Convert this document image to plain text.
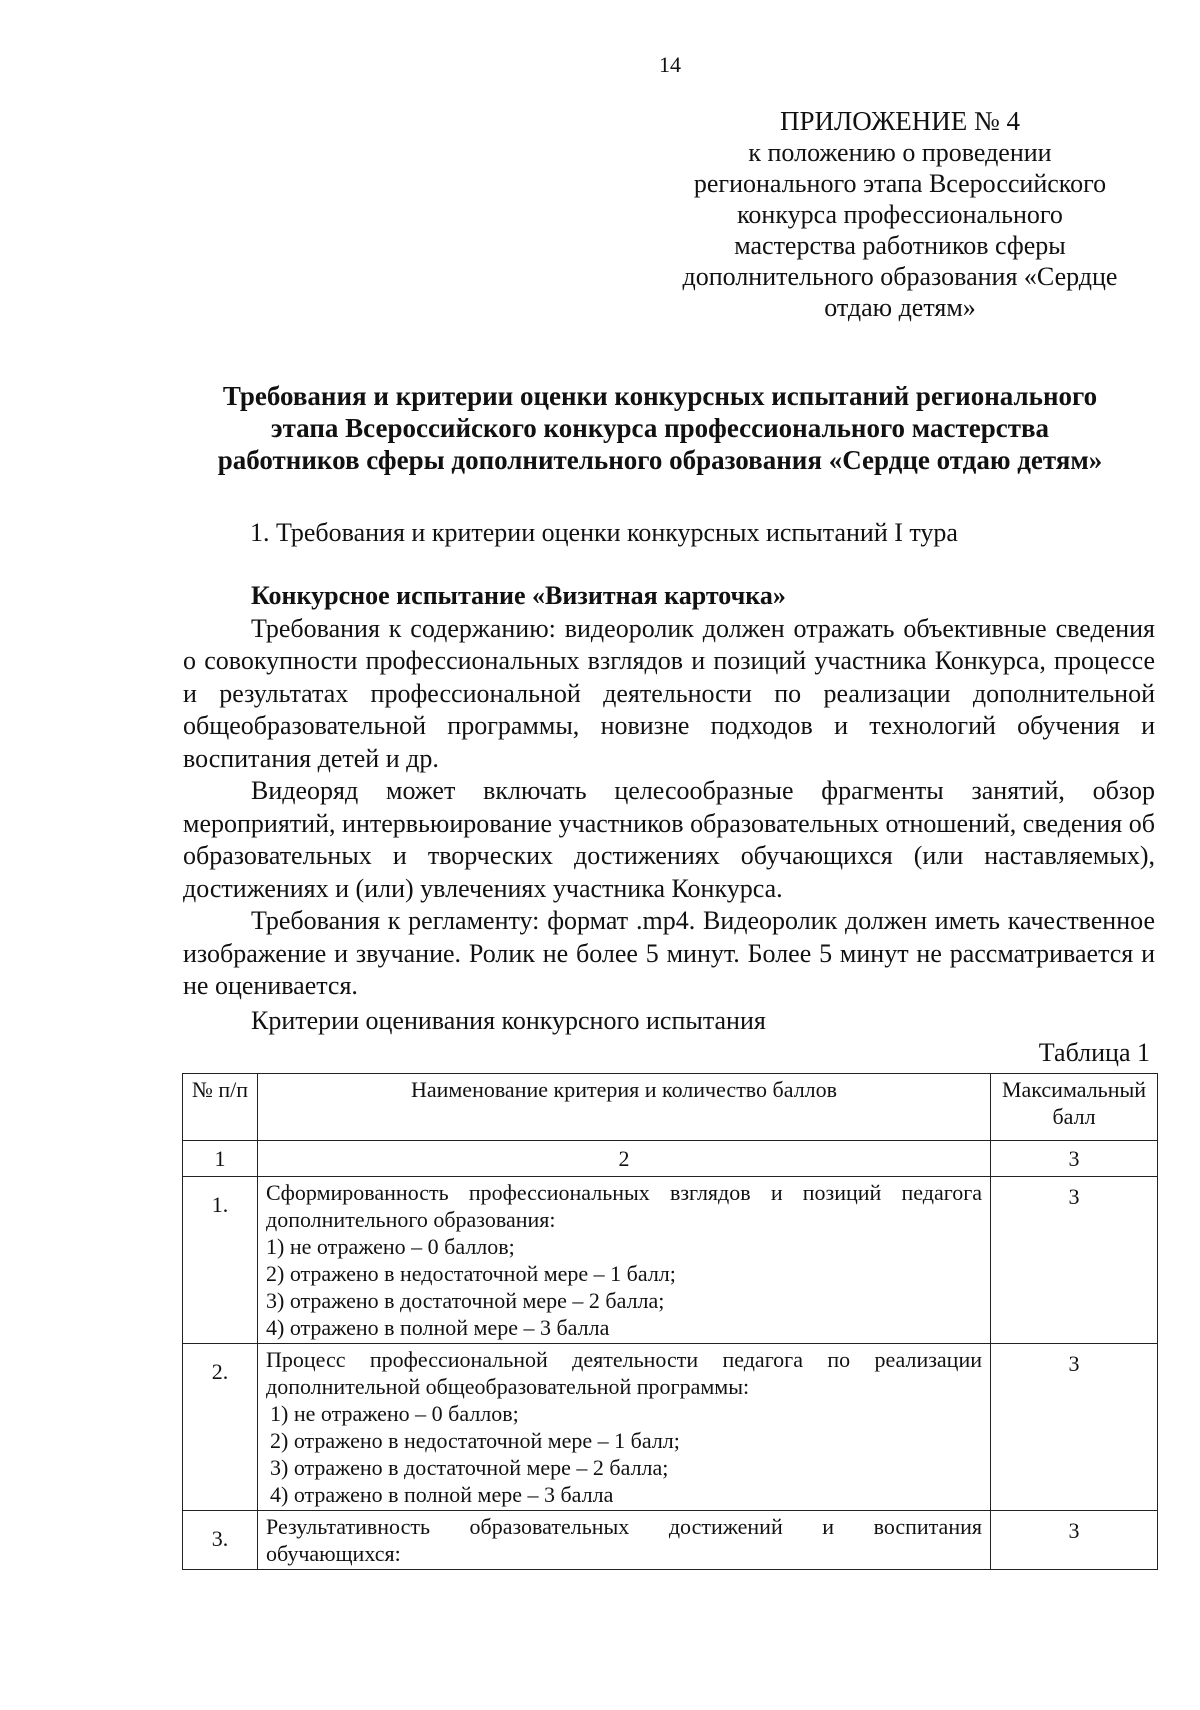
14
ПРИЛОЖЕНИЕ № 4
к положению о проведении
регионального этапа Всероссийского
конкурса профессионального
мастерства работников сферы
дополнительного образования «Сердце
отдаю детям»
Требования и критерии оценки конкурсных испытаний регионального
этапа Всероссийского конкурса профессионального мастерства
работников сферы дополнительного образования «Сердце отдаю детям»
1. Требования и критерии оценки конкурсных испытаний I тура

Конкурсное испытание «Визитная карточка»

Требования к содержанию: видеоролик должен отражать объективные сведения о совокупности профессиональных взглядов и позиций участника Конкурса, процессе и результатах профессиональной деятельности по реализации дополнительной общеобразовательной программы, новизне подходов и технологий обучения и воспитания детей и др.

Видеоряд может включать целесообразные фрагменты занятий, обзор мероприятий, интервьюирование участников образовательных отношений, сведения об образовательных и творческих достижениях обучающихся (или наставляемых), достижениях и (или) увлечениях участника Конкурса.

Требования к регламенту: формат .mp4. Видеоролик должен иметь качественное изображение и звучание. Ролик не более 5 минут. Более 5 минут не рассматривается и не оценивается.

Критерии оценивания конкурсного испытания

Таблица 1
№ п/п	Наименование критерия и количество баллов	Максимальный балл
1	2	3
1.	Сформированность профессиональных взглядов и позиций педагога дополнительного образования:
1) не отражено – 0 баллов;
2) отражено в недостаточной мере – 1 балл;
3) отражено в достаточной мере – 2 балла;
4) отражено в полной мере – 3 балла	3
2.	Процесс профессиональной деятельности педагога по реализации дополнительной общеобразовательной программы:
1) не отражено – 0 баллов;
2) отражено в недостаточной мере – 1 балл;
3) отражено в достаточной мере – 2 балла;
4) отражено в полной мере – 3 балла	3
3.	Результативность образовательных достижений и воспитания обучающихся:	3
